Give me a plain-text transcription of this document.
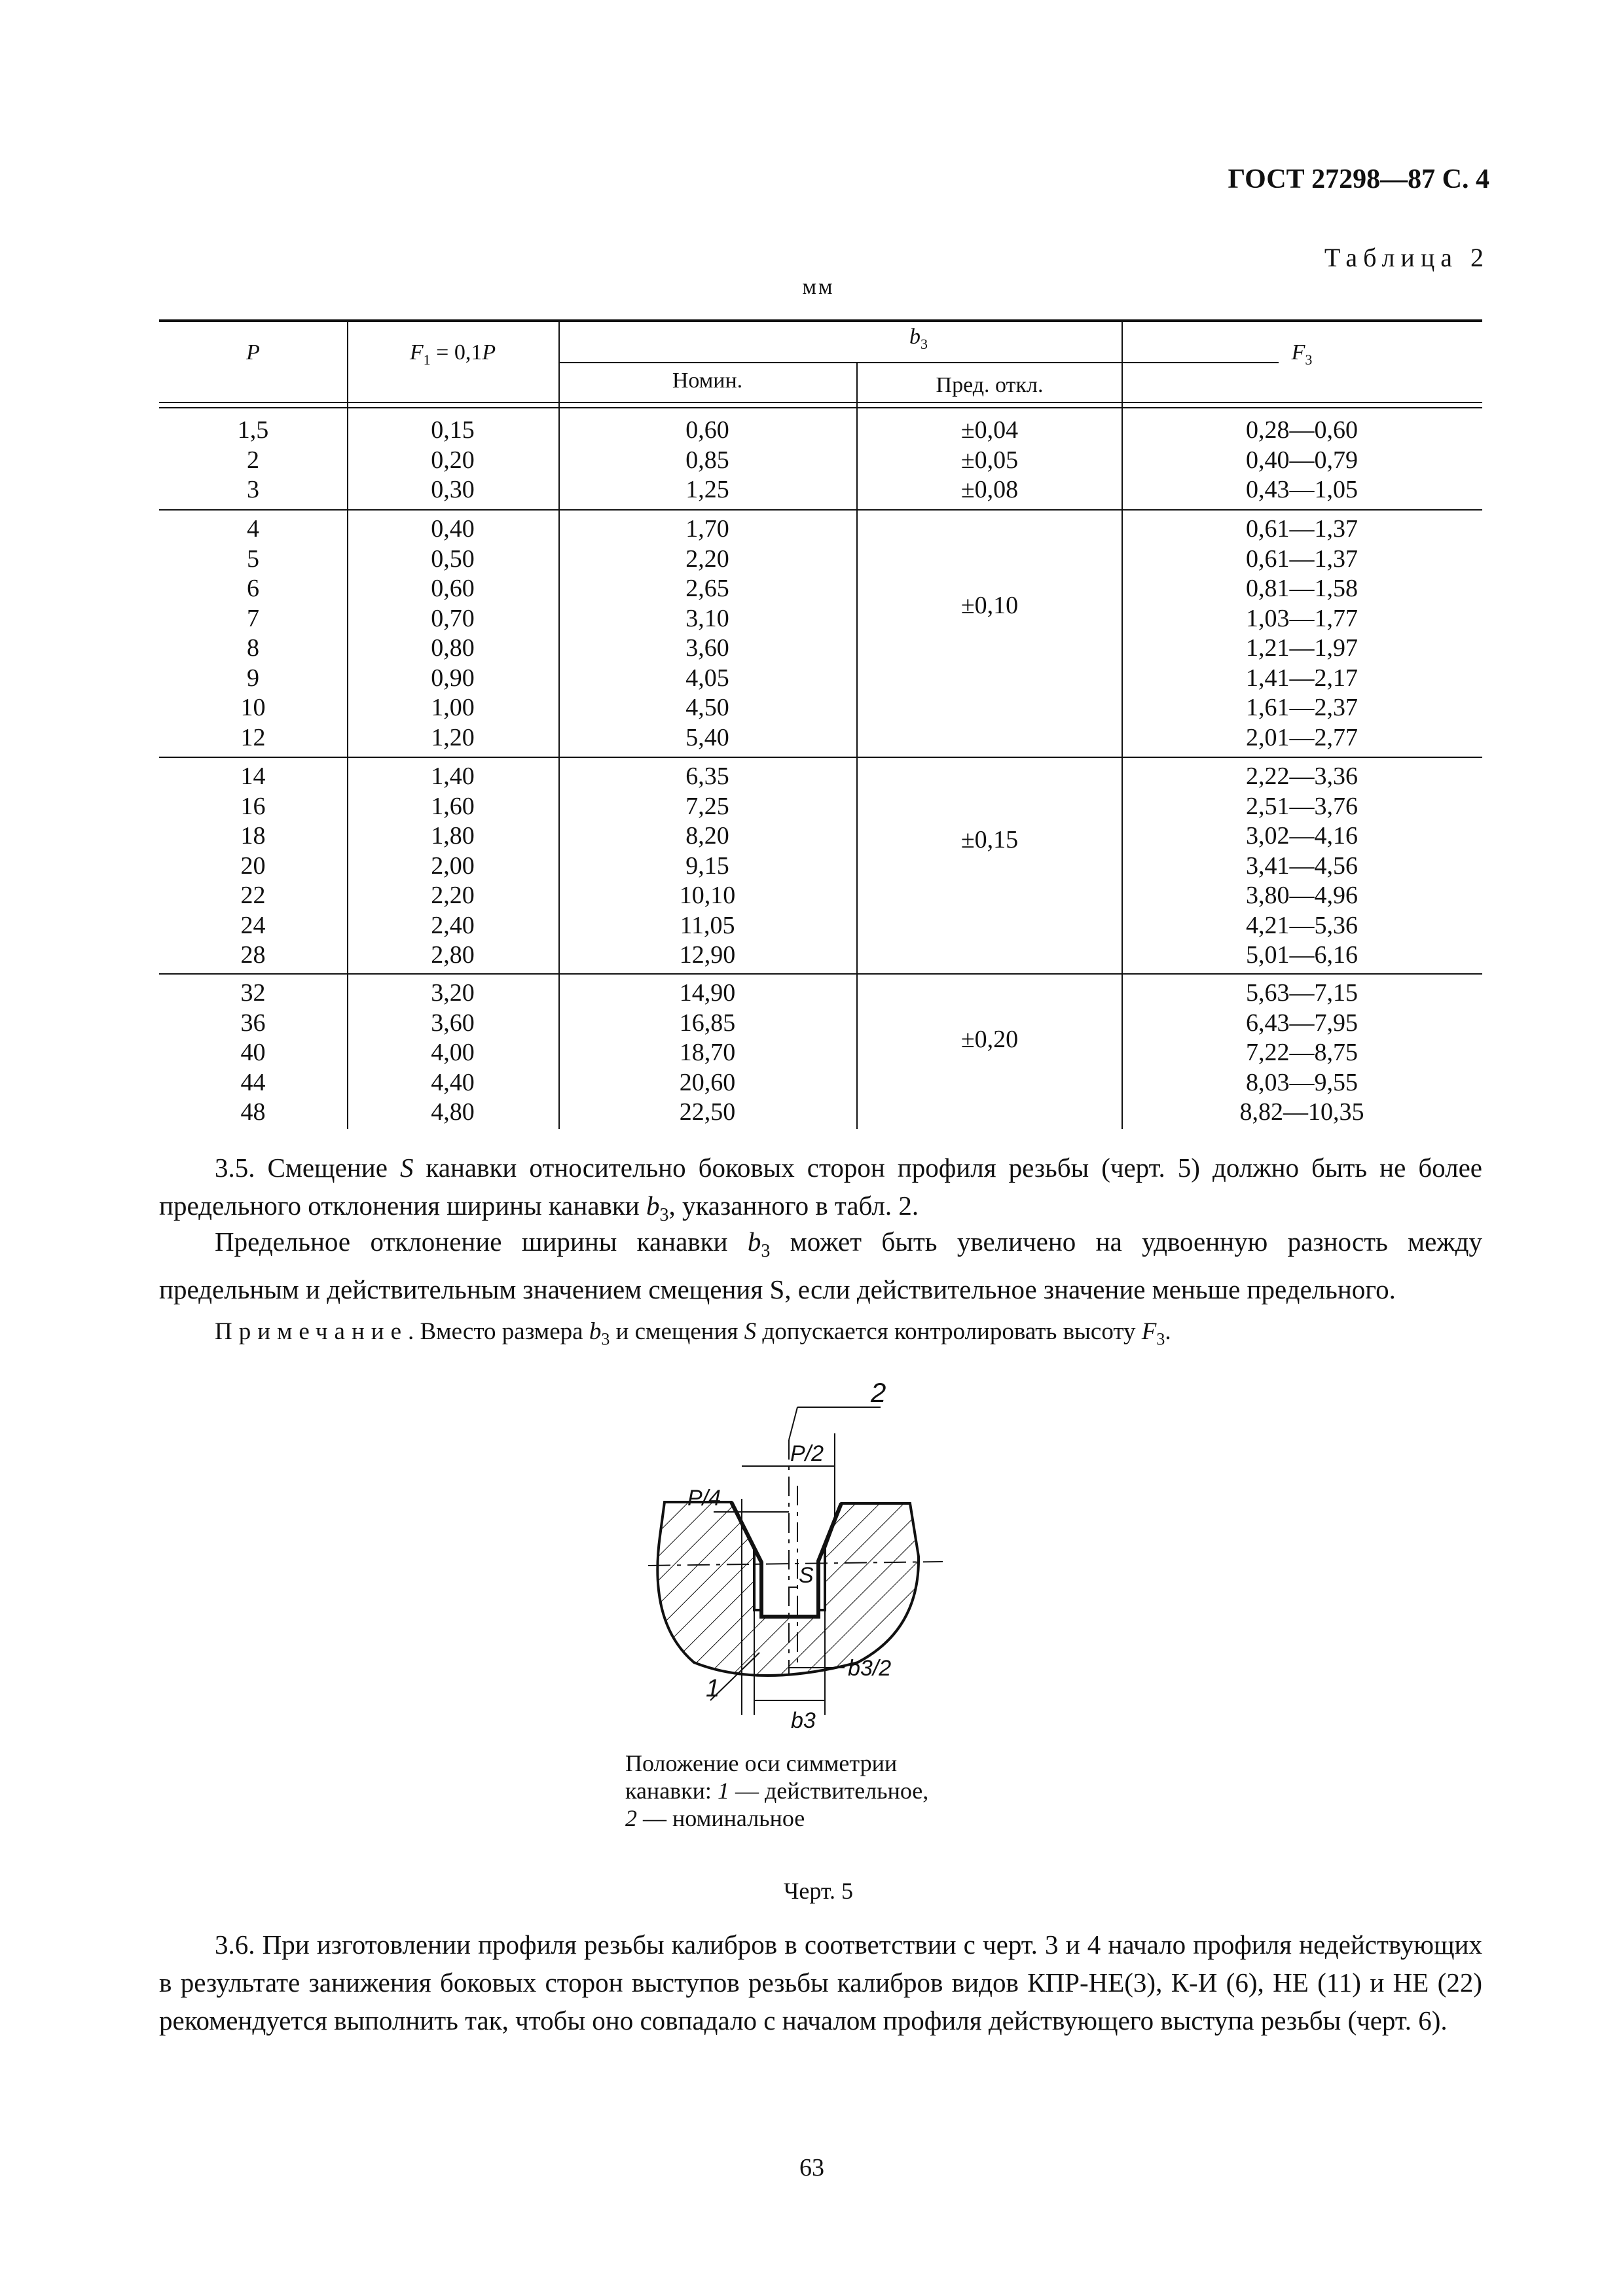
ГОСТ 27298—87 С. 4
Таблица 2
мм
P	$F_1 = 0,1P$
$b_3$
Номин.	Пред. откл.
$F_3$
1,5
2
3
0,15
0,20
0,30
0,60
0,85
1,25
±0,04
±0,05
±0,08
0,28—0,60
0,40—0,79
0,43—1,05
4
5
6
7
8
9
10
12
0,40
0,50
0,60
0,70
0,80
0,90
1,00
1,20
1,70
2,20
2,65
3,10
3,60
4,05
4,50
5,40
±0,10
0,61—1,37
0,61—1,37
0,81—1,58
1,03—1,77
1,21—1,97
1,41—2,17
1,61—2,37
2,01—2,77
14
16
18
20
22
24
28
1,40
1,60
1,80
2,00
2,20
2,40
2,80
6,35
7,25
8,20
9,15
10,10
11,05
12,90
±0,15
2,22—3,36
2,51—3,76
3,02—4,16
3,41—4,56
3,80—4,96
4,21—5,36
5,01—6,16
32
36
40
44
48
3,20
3,60
4,00
4,40
4,80
14,90
16,85
18,70
20,60
22,50
±0,20
5,63—7,15
6,43—7,95
7,22—8,75
8,03—9,55
8,82—10,35
3.5. Смещение S канавки относительно боковых сторон профиля резьбы (черт. 5) должно быть не более предельного отклонения ширины канавки $b_3$, указанного в табл. 2.
Предельное отклонение ширины канавки $b_3$ может быть увеличено на удвоенную разность между предельным и действительным значением смещения S, если действительное значение меньше предельного.
Примечание. Вместо размера $b_3$ и смещения S допускается контролировать высоту $F_3$.
2
P/2
P/4
S
1
b3/2
b3
Положение оси симметрии
канавки: 1 — действительное,
2 — номинальное
Черт. 5
3.6. При изготовлении профиля резьбы калибров в соответствии с черт. 3 и 4 начало профиля недействующих в результате занижения боковых сторон выступов резьбы калибров видов КПР-НЕ(3), К-И (6), НЕ (11) и НЕ (22) рекомендуется выполнить так, чтобы оно совпадало с началом профиля действующего выступа резьбы (черт. 6).
63
